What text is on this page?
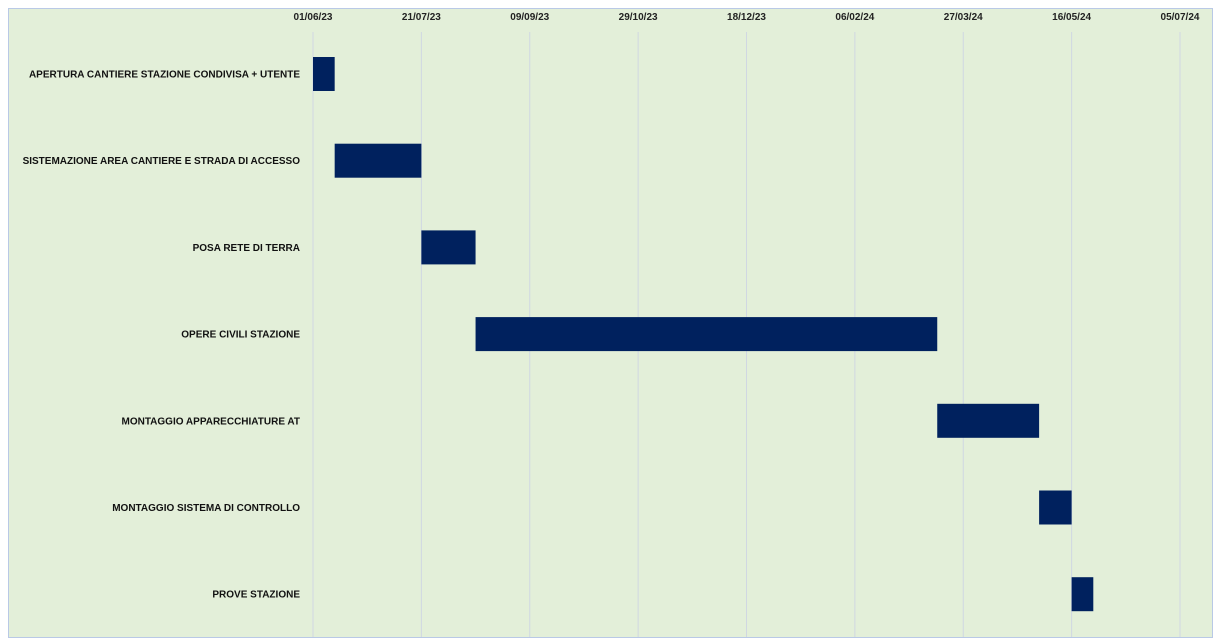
01/06/23	21/07/23	09/09/23	29/10/23	18/12/23	06/02/24	27/03/24	16/05/24	05/07/24
APERTURA CANTIERE STAZIONE CONDIVISA + UTENTE
SISTEMAZIONE AREA CANTIERE E STRADA DI ACCESSO
POSA RETE DI TERRA
OPERE CIVILI STAZIONE
MONTAGGIO APPARECCHIATURE AT
MONTAGGIO SISTEMA DI CONTROLLO
PROVE STAZIONE
